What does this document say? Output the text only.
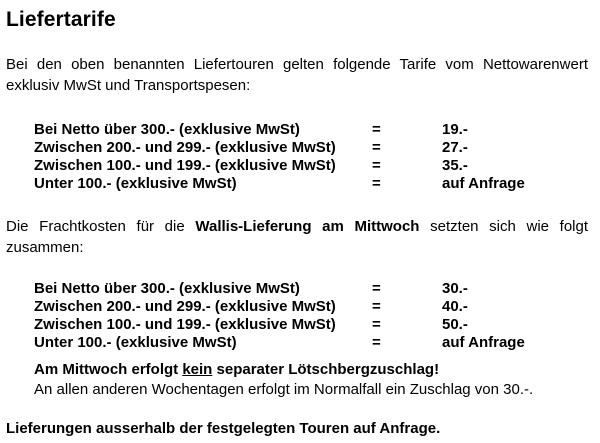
Liefertarife

Bei den oben benannten Liefertouren gelten folgende Tarife vom Nettowarenwert exklusiv MwSt und Transportspesen:

Bei Netto über 300.- (exklusive MwSt)	=	19.-
Zwischen 200.- und 299.- (exklusive MwSt)	=	27.-
Zwischen 100.- und 199.- (exklusive MwSt)	=	35.-
Unter 100.- (exklusive MwSt)	=	auf Anfrage

Die Frachtkosten für die Wallis-Lieferung am Mittwoch setzten sich wie folgt zusammen:

Bei Netto über 300.- (exklusive MwSt)	=	30.-
Zwischen 200.- und 299.- (exklusive MwSt)	=	40.-
Zwischen 100.- und 199.- (exklusive MwSt)	=	50.-
Unter 100.- (exklusive MwSt)	=	auf Anfrage
Am Mittwoch erfolgt kein separater Lötschbergzuschlag!
An allen anderen Wochentagen erfolgt im Normalfall ein Zuschlag von 30.-.

Lieferungen ausserhalb der festgelegten Touren auf Anfrage.
